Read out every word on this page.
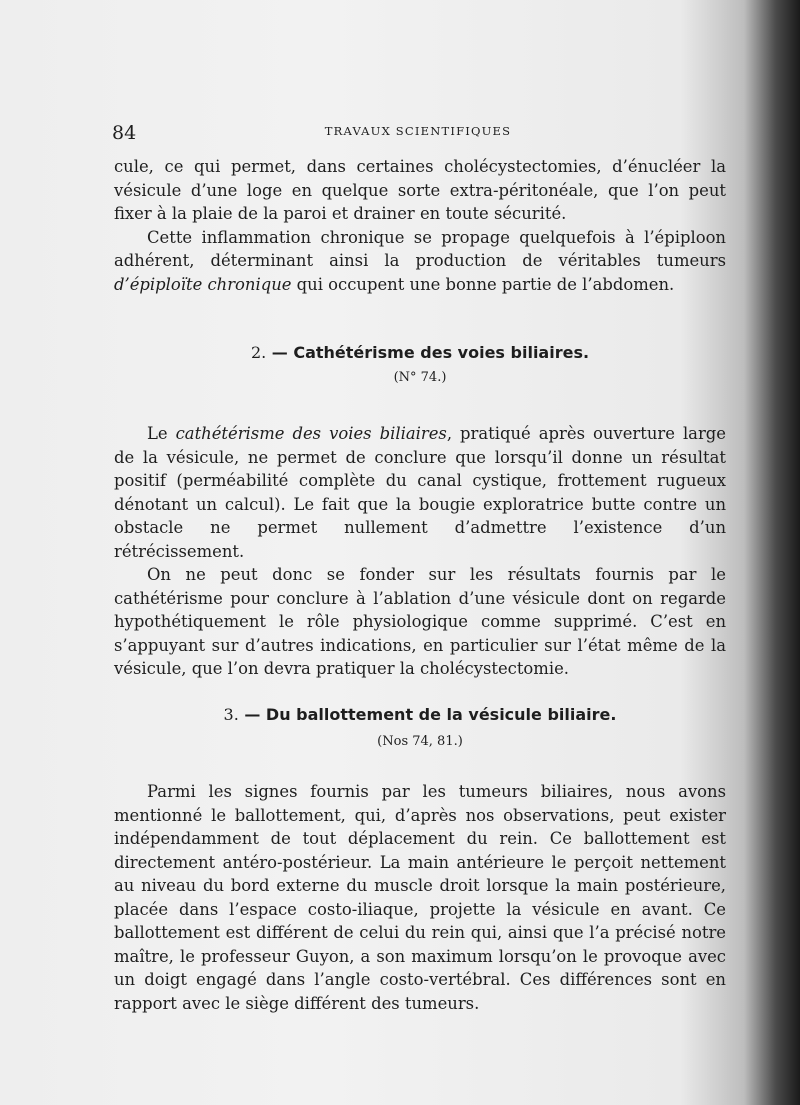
84	TRAVAUX SCIENTIFIQUES

cule, ce qui permet, dans certaines cholécystectomies, d’énucléer la vésicule d’une loge en quelque sorte extra-péritonéale, que l’on peut fixer à la plaie de la paroi et drainer en toute sécurité.

Cette inflammation chronique se propage quelquefois à l’épiploon adhérent, déterminant ainsi la production de véritables tumeurs d’épiploïte chronique qui occupent une bonne partie de l’abdomen.

2. — Cathétérisme des voies biliaires.
(N° 74.)

Le cathétérisme des voies biliaires, pratiqué après ouverture large de la vésicule, ne permet de conclure que lorsqu’il donne un résultat positif (perméabilité complète du canal cystique, frottement rugueux dénotant un calcul). Le fait que la bougie exploratrice butte contre un obstacle ne permet nullement d’admettre l’existence d’un rétrécissement.

On ne peut donc se fonder sur les résultats fournis par le cathétérisme pour conclure à l’ablation d’une vésicule dont on regarde hypothétiquement le rôle physiologique comme supprimé. C’est en s’appuyant sur d’autres indications, en particulier sur l’état même de la vésicule, que l’on devra pratiquer la cholécystectomie.

3. — Du ballottement de la vésicule biliaire.
(Nos 74, 81.)

Parmi les signes fournis par les tumeurs biliaires, nous avons mentionné le ballottement, qui, d’après nos observations, peut exister indépendamment de tout déplacement du rein. Ce ballottement est directement antéro-postérieur. La main antérieure le perçoit nettement au niveau du bord externe du muscle droit lorsque la main postérieure, placée dans l’espace costo-iliaque, projette la vésicule en avant. Ce ballottement est différent de celui du rein qui, ainsi que l’a précisé notre maître, le professeur Guyon, a son maximum lorsqu’on le provoque avec un doigt engagé dans l’angle costo-vertébral. Ces différences sont en rapport avec le siège différent des tumeurs.
